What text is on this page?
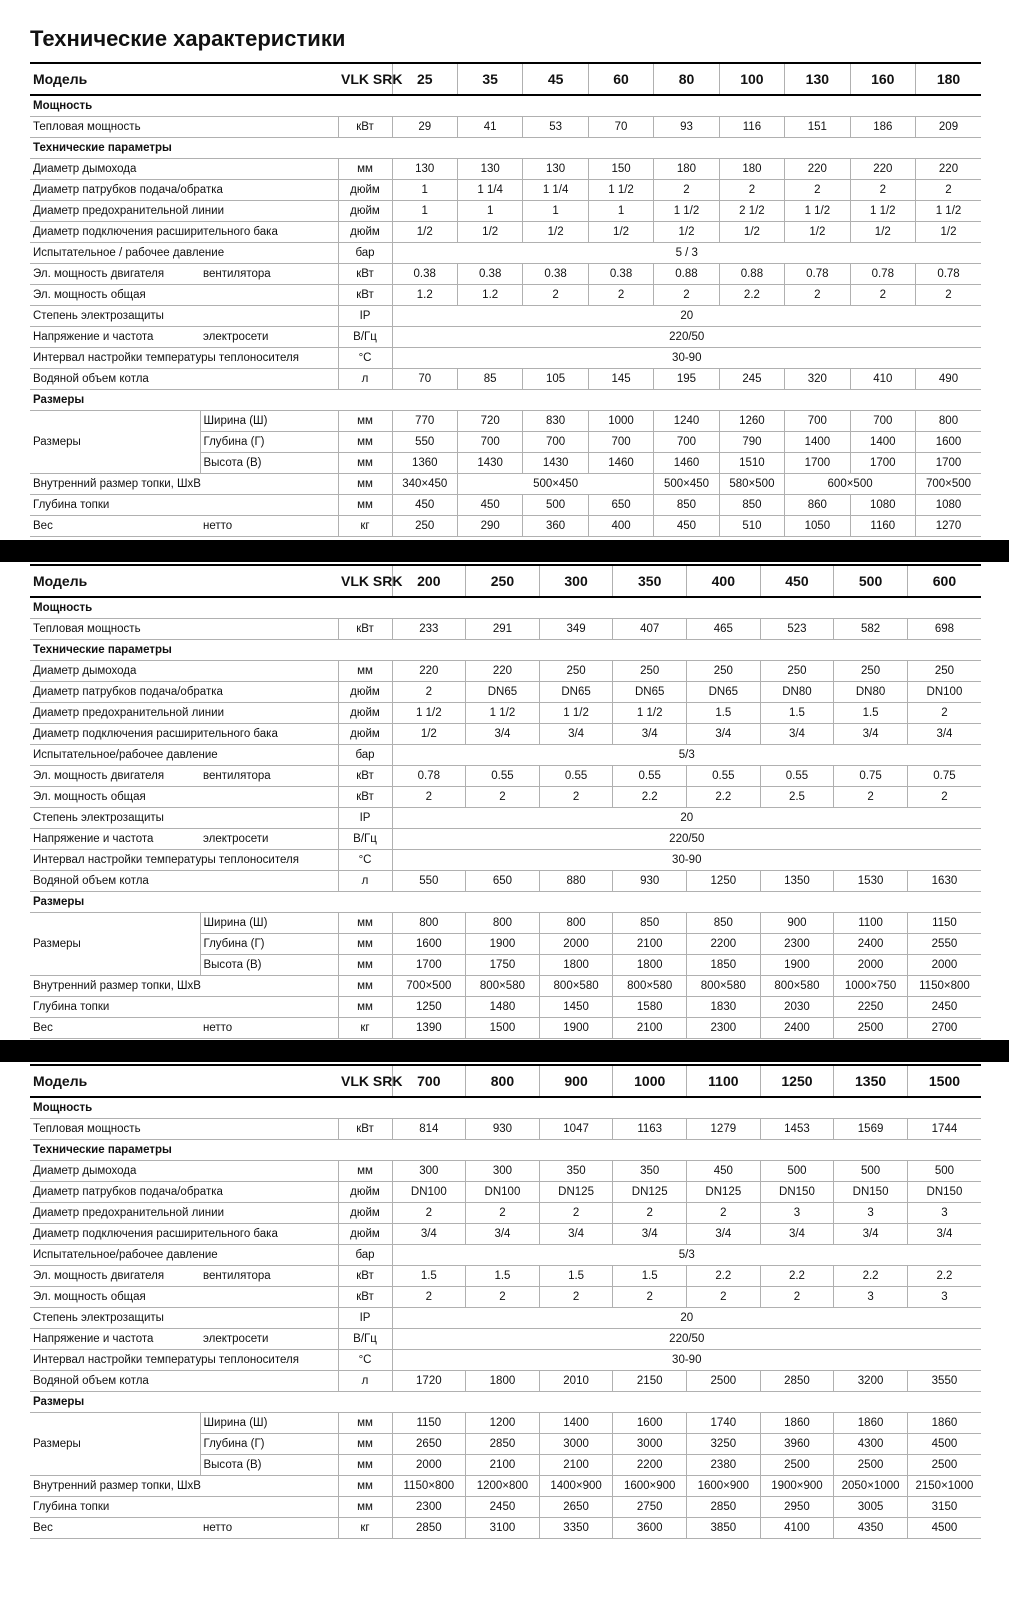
Технические характеристики
Модель		VLK SRK	25	35	45	60	80	100	130	160	180
Мощность											
Тепловая мощность		кВт	29	41	53	70	93	116	151	186	209
Технические параметры											
Диаметр дымохода		мм	130	130	130	150	180	180	220	220	220
Диаметр патрубков подача/обратка		дюйм	1	1 1/4	1 1/4	1 1/2	2	2	2	2	2
Диаметр предохранительной линии		дюйм	1	1	1	1	1 1/2	2 1/2	1 1/2	1 1/2	1 1/2
Диаметр подключения расширительного бака		дюйм	1/2	1/2	1/2	1/2	1/2	1/2	1/2	1/2	1/2
Испытательное / рабочее давление		бар	5 / 3								
Эл. мощность двигателя	вентилятора	кВт	0.38	0.38	0.38	0.38	0.88	0.88	0.78	0.78	0.78
Эл. мощность общая		кВт	1.2	1.2	2	2	2	2.2	2	2	2
Степень электрозащиты		IP	20								
Напряжение и частота	электросети	В/Гц	220/50								
Интервал настройки температуры теплоносителя		°C	30-90								
Водяной объем котла		л	70	85	105	145	195	245	320	410	490
Размеры											
Размеры	Ширина (Ш)	мм	770	720	830	1000	1240	1260	700	700	800
	Глубина (Г)	мм	550	700	700	700	700	790	1400	1400	1600
	Высота (В)	мм	1360	1430	1430	1460	1460	1510	1700	1700	1700
Внутренний размер топки, ШхВ		мм	340×450	500×450			500×450	580×500	600×500		700×500
Глубина топки		мм	450	450	500	650	850	850	860	1080	1080
Вес	нетто	кг	250	290	360	400	450	510	1050	1160	1270
Модель		VLK SRK	200	250	300	350	400	450	500	600
Мощность										
Тепловая мощность		кВт	233	291	349	407	465	523	582	698
Технические параметры										
Диаметр дымохода		мм	220	220	250	250	250	250	250	250
Диаметр патрубков подача/обратка		дюйм	2	DN65	DN65	DN65	DN65	DN80	DN80	DN100
Диаметр предохранительной линии		дюйм	1 1/2	1 1/2	1 1/2	1 1/2	1.5	1.5	1.5	2
Диаметр подключения расширительного бака		дюйм	1/2	3/4	3/4	3/4	3/4	3/4	3/4	3/4
Испытательное/рабочее давление		бар	5/3							
Эл. мощность двигателя	вентилятора	кВт	0.78	0.55	0.55	0.55	0.55	0.55	0.75	0.75
Эл. мощность общая		кВт	2	2	2	2.2	2.2	2.5	2	2
Степень электрозащиты		IP	20							
Напряжение и частота	электросети	В/Гц	220/50							
Интервал настройки температуры теплоносителя		°C	30-90							
Водяной объем котла		л	550	650	880	930	1250	1350	1530	1630
Размеры										
Размеры	Ширина (Ш)	мм	800	800	800	850	850	900	1100	1150
	Глубина (Г)	мм	1600	1900	2000	2100	2200	2300	2400	2550
	Высота (В)	мм	1700	1750	1800	1800	1850	1900	2000	2000
Внутренний размер топки, ШхВ		мм	700×500	800×580	800×580	800×580	800×580	800×580	1000×750	1150×800
Глубина топки		мм	1250	1480	1450	1580	1830	2030	2250	2450
Вес	нетто	кг	1390	1500	1900	2100	2300	2400	2500	2700
Модель		VLK SRK	700	800	900	1000	1100	1250	1350	1500
Мощность										
Тепловая мощность		кВт	814	930	1047	1163	1279	1453	1569	1744
Технические параметры										
Диаметр дымохода		мм	300	300	350	350	450	500	500	500
Диаметр патрубков подача/обратка		дюйм	DN100	DN100	DN125	DN125	DN125	DN150	DN150	DN150
Диаметр предохранительной линии		дюйм	2	2	2	2	2	3	3	3
Диаметр подключения расширительного бака		дюйм	3/4	3/4	3/4	3/4	3/4	3/4	3/4	3/4
Испытательное/рабочее давление		бар	5/3							
Эл. мощность двигателя	вентилятора	кВт	1.5	1.5	1.5	1.5	2.2	2.2	2.2	2.2
Эл. мощность общая		кВт	2	2	2	2	2	2	3	3
Степень электрозащиты		IP	20							
Напряжение и частота	электросети	В/Гц	220/50							
Интервал настройки температуры теплоносителя		°C	30-90							
Водяной объем котла		л	1720	1800	2010	2150	2500	2850	3200	3550
Размеры										
Размеры	Ширина (Ш)	мм	1150	1200	1400	1600	1740	1860	1860	1860
	Глубина (Г)	мм	2650	2850	3000	3000	3250	3960	4300	4500
	Высота (В)	мм	2000	2100	2100	2200	2380	2500	2500	2500
Внутренний размер топки, ШхВ		мм	1150×800	1200×800	1400×900	1600×900	1600×900	1900×900	2050×1000	2150×1000
Глубина топки		мм	2300	2450	2650	2750	2850	2950	3005	3150
Вес	нетто	кг	2850	3100	3350	3600	3850	4100	4350	4500
